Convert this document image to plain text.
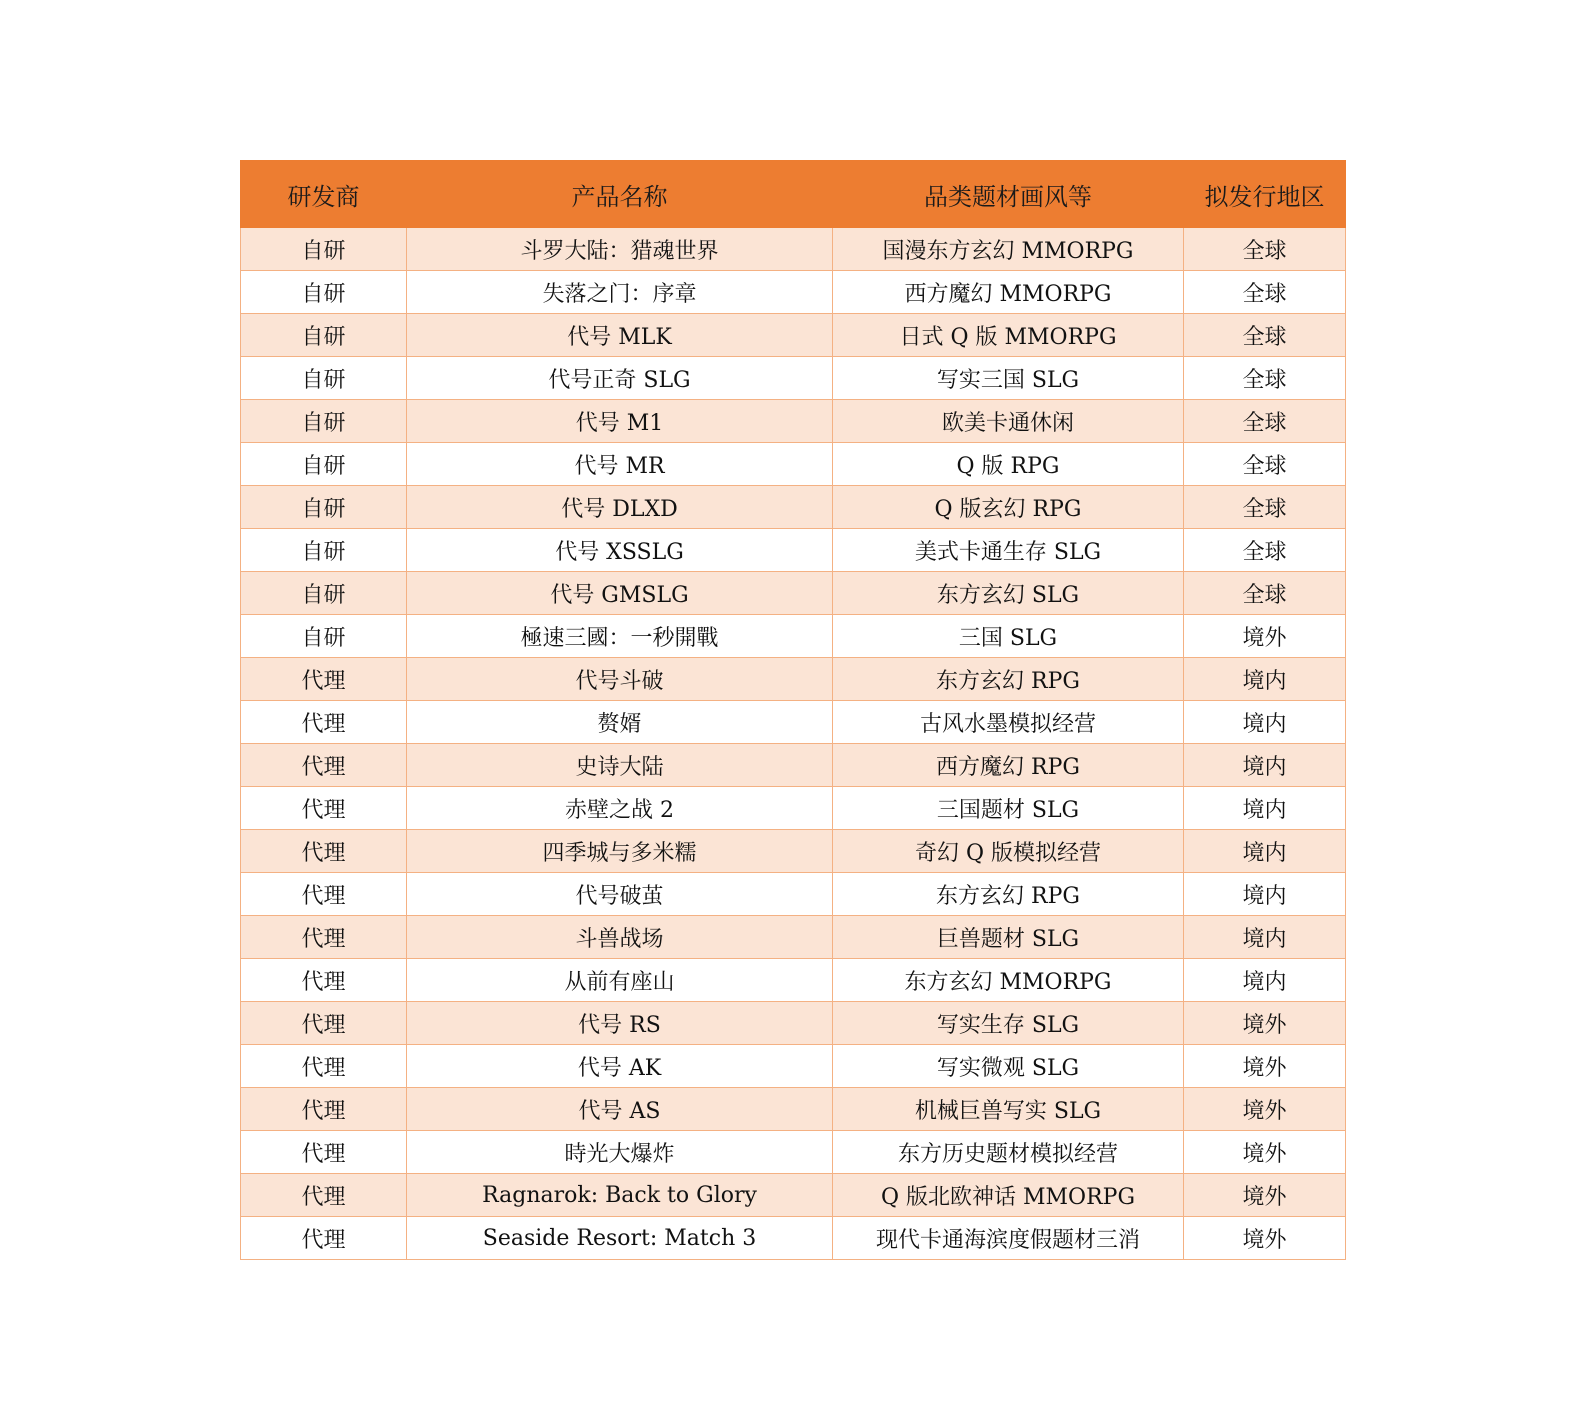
研发商	产品名称	品类题材画风等	拟发行地区
自研	斗罗大陆：猎魂世界	国漫东方玄幻 MMORPG	全球
自研	失落之门：序章	西方魔幻 MMORPG	全球
自研	代号 MLK	日式 Q 版 MMORPG	全球
自研	代号正奇 SLG	写实三国 SLG	全球
自研	代号 M1	欧美卡通休闲	全球
自研	代号 MR	Q 版 RPG	全球
自研	代号 DLXD	Q 版玄幻 RPG	全球
自研	代号 XSSLG	美式卡通生存 SLG	全球
自研	代号 GMSLG	东方玄幻 SLG	全球
自研	極速三國：一秒開戰	三国 SLG	境外
代理	代号斗破	东方玄幻 RPG	境内
代理	赘婿	古风水墨模拟经营	境内
代理	史诗大陆	西方魔幻 RPG	境内
代理	赤壁之战 2	三国题材 SLG	境内
代理	四季城与多米糯	奇幻 Q 版模拟经营	境内
代理	代号破茧	东方玄幻 RPG	境内
代理	斗兽战场	巨兽题材 SLG	境内
代理	从前有座山	东方玄幻 MMORPG	境内
代理	代号 RS	写实生存 SLG	境外
代理	代号 AK	写实微观 SLG	境外
代理	代号 AS	机械巨兽写实 SLG	境外
代理	時光大爆炸	东方历史题材模拟经营	境外
代理	Ragnarok: Back to Glory	Q 版北欧神话 MMORPG	境外
代理	Seaside Resort: Match 3	现代卡通海滨度假题材三消	境外
